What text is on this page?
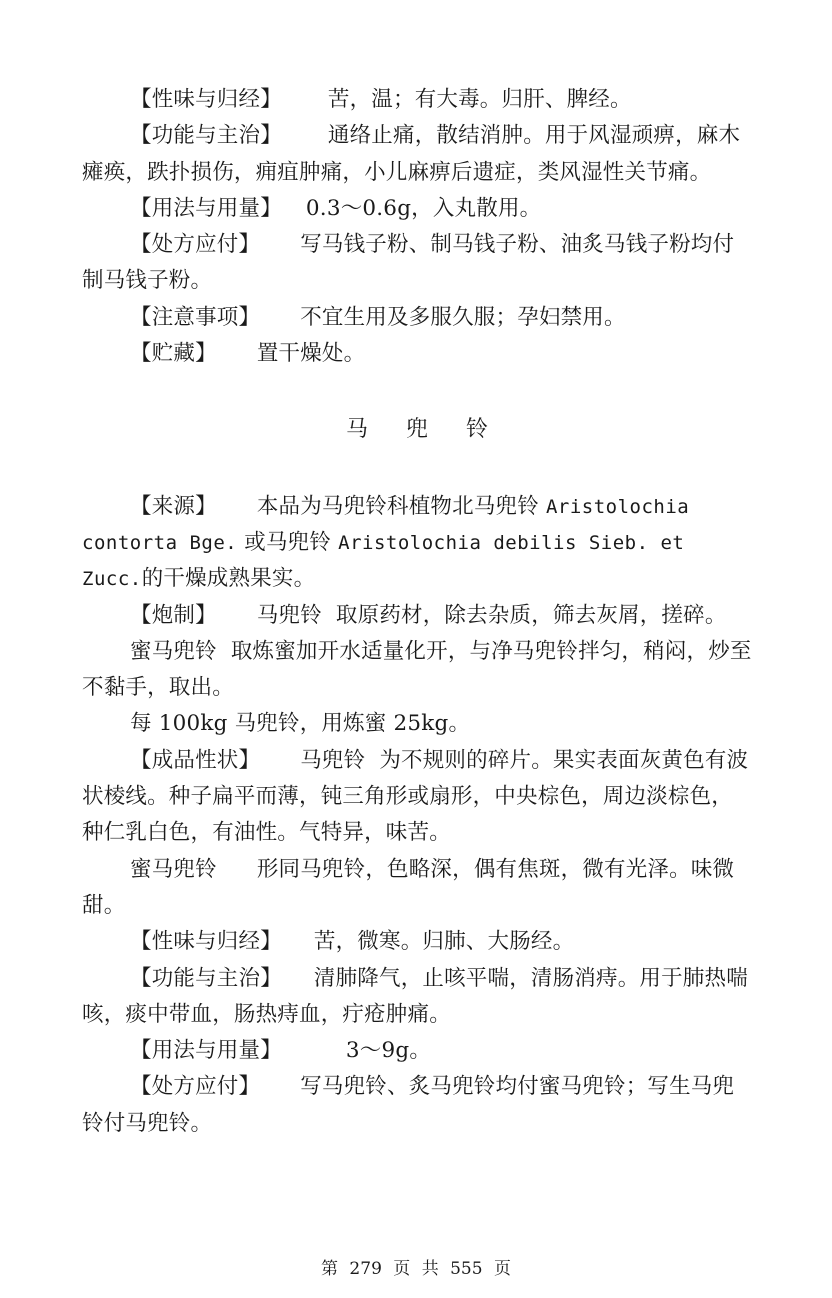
【性味与归经】 苦，温；有大毒。归肝、脾经。

【功能与主治】 通络止痛，散结消肿。用于风湿顽痹，麻木瘫痪，跌扑损伤，痈疽肿痛，小儿麻痹后遗症，类风湿性关节痛。

【用法与用量】 0.3～0.6g，入丸散用。

【处方应付】 写马钱子粉、制马钱子粉、油炙马钱子粉均付制马钱子粉。

【注意事项】 不宜生用及多服久服；孕妇禁用。

【贮藏】 置干燥处。

马兜铃

【来源】 本品为马兜铃科植物北马兜铃 Aristolochia contorta Bge. 或马兜铃 Aristolochia debilis Sieb. et Zucc.的干燥成熟果实。

【炮制】 马兜铃 取原药材，除去杂质，筛去灰屑，搓碎。

蜜马兜铃 取炼蜜加开水适量化开，与净马兜铃拌匀，稍闷，炒至不黏手，取出。

每 100kg 马兜铃，用炼蜜 25kg。

【成品性状】 马兜铃 为不规则的碎片。果实表面灰黄色有波状棱线。种子扁平而薄，钝三角形或扇形，中央棕色，周边淡棕色，种仁乳白色，有油性。气特异，味苦。

蜜马兜铃 形同马兜铃，色略深，偶有焦斑，微有光泽。味微甜。

【性味与归经】 苦，微寒。归肺、大肠经。

【功能与主治】 清肺降气，止咳平喘，清肠消痔。用于肺热喘咳，痰中带血，肠热痔血，疔疮肿痛。

【用法与用量】	3～9g。

【处方应付】 写马兜铃、炙马兜铃均付蜜马兜铃；写生马兜铃付马兜铃。

第 279 页 共 555 页
